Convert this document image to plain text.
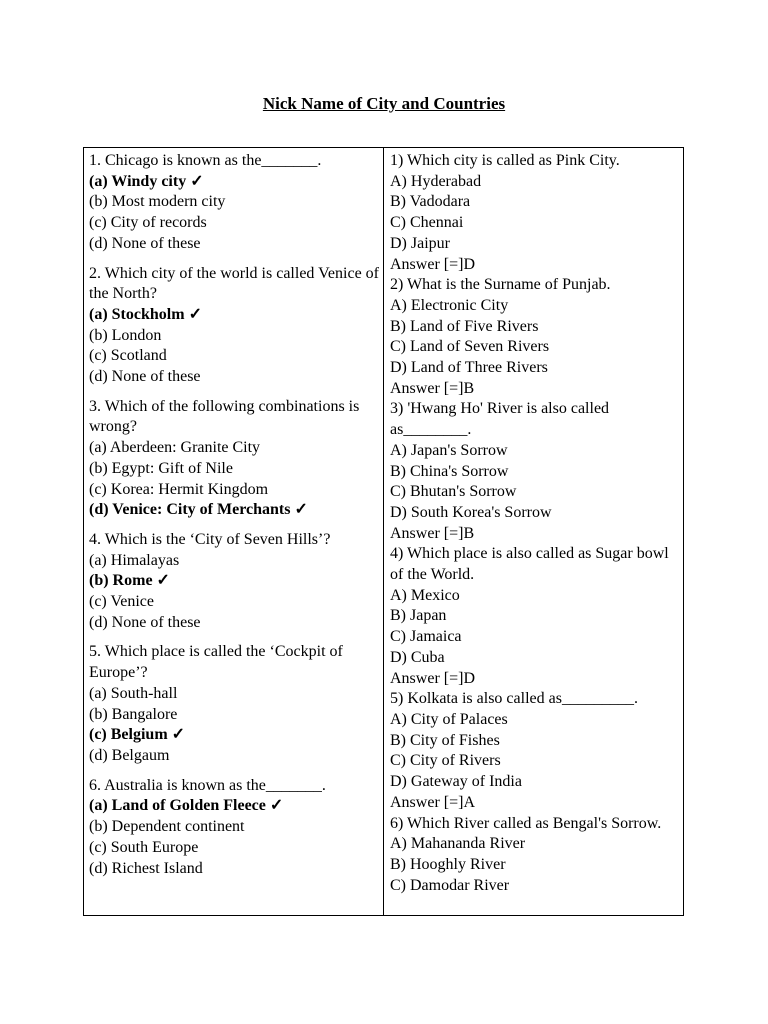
Nick Name of City and Countries
1. Chicago is known as the_______.
(a) Windy city ✓
(b) Most modern city
(c) City of records
(d) None of these
2. Which city of the world is called Venice of the North?
(a) Stockholm ✓
(b) London
(c) Scotland
(d) None of these
3. Which of the following combinations is wrong?
(a) Aberdeen: Granite City
(b) Egypt: Gift of Nile
(c) Korea: Hermit Kingdom
(d) Venice: City of Merchants ✓
4. Which is the ‘City of Seven Hills’?
(a) Himalayas
(b) Rome ✓
(c) Venice
(d) None of these
5. Which place is called the ‘Cockpit of Europe’?
(a) South-hall
(b) Bangalore
(c) Belgium ✓
(d) Belgaum
6. Australia is known as the_______.
(a) Land of Golden Fleece ✓
(b) Dependent continent
(c) South Europe
(d) Richest Island
1) Which city is called as Pink City.
A) Hyderabad
B) Vadodara
C) Chennai
D) Jaipur
Answer [=]D
2) What is the Surname of Punjab.
A) Electronic City
B) Land of Five Rivers
C) Land of Seven Rivers
D) Land of Three Rivers
Answer [=]B
3) 'Hwang Ho' River is also called as________.
A) Japan's Sorrow
B) China's Sorrow
C) Bhutan's Sorrow
D) South Korea's Sorrow
Answer [=]B
4) Which place is also called as Sugar bowl of the World.
A) Mexico
B) Japan
C) Jamaica
D) Cuba
Answer [=]D
5) Kolkata is also called as_________.
A) City of Palaces
B) City of Fishes
C) City of Rivers
D) Gateway of India
Answer [=]A
6) Which River called as Bengal's Sorrow.
A) Mahananda River
B) Hooghly River
C) Damodar River
